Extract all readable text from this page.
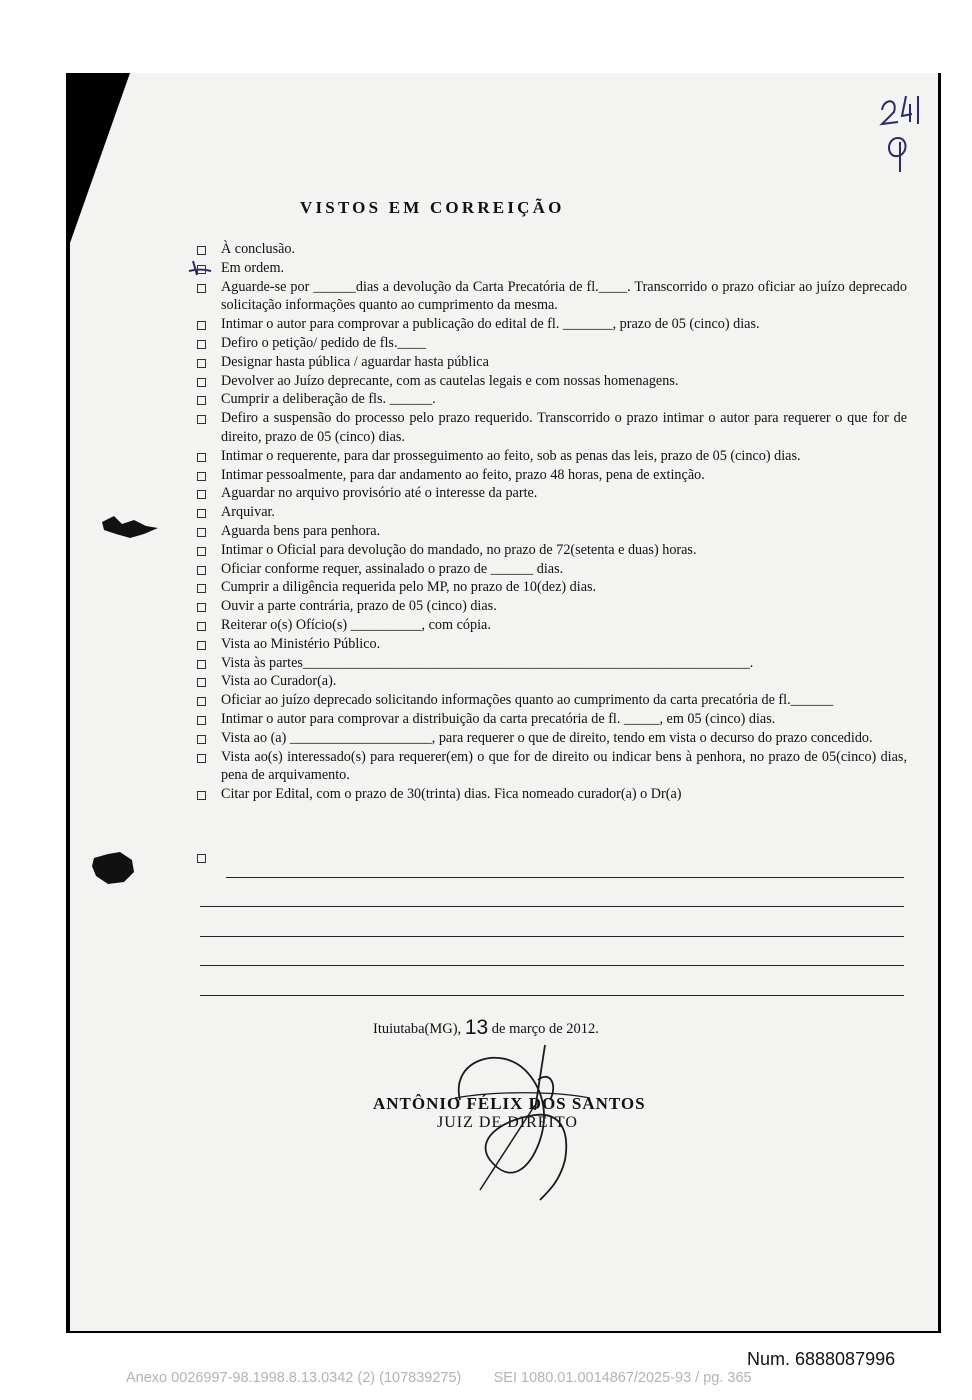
VISTOS EM CORREIÇÃO
À conclusão.
Em ordem.
Aguarde-se por ______dias a devolução da Carta Precatória de fl.____. Transcorrido o prazo oficiar ao juízo deprecado solicitação informações quanto ao cumprimento da mesma.
Intimar o autor para comprovar a publicação do edital de fl. _______, prazo de 05 (cinco) dias.
Defiro o petição/ pedido de fls.____
Designar hasta pública / aguardar hasta pública
Devolver ao Juízo deprecante, com as cautelas legais e com nossas homenagens.
Cumprir a deliberação de fls. ______.
Defiro a suspensão do processo pelo prazo requerido. Transcorrido o prazo intimar o autor para requerer o que for de direito, prazo de 05 (cinco) dias.
Intimar o requerente, para dar prosseguimento ao feito, sob as penas das leis, prazo de 05 (cinco) dias.
Intimar pessoalmente, para dar andamento ao feito, prazo 48 horas, pena de extinção.
Aguardar no arquivo provisório até o interesse da parte.
Arquivar.
Aguarda bens para penhora.
Intimar o Oficial para devolução do mandado, no prazo de 72(setenta e duas) horas.
Oficiar conforme requer, assinalado o prazo de ______ dias.
Cumprir a diligência requerida pelo MP, no prazo de 10(dez) dias.
Ouvir a parte contrária, prazo de 05 (cinco) dias.
Reiterar o(s) Ofício(s) __________, com cópia.
Vista ao Ministério Público.
Vista às partes_______________________________________________________________.
Vista ao Curador(a).
Oficiar ao juízo deprecado solicitando informações quanto ao cumprimento da carta precatória de fl.______
Intimar o autor para comprovar a distribuição da carta precatória de fl. _____, em 05 (cinco) dias.
Vista ao (a) ____________________, para requerer o que de direito, tendo em vista o decurso do prazo concedido.
Vista ao(s) interessado(s) para requerer(em) o que for de direito ou indicar bens à penhora, no prazo de 05(cinco) dias, pena de arquivamento.
Citar por Edital, com o prazo de 30(trinta) dias. Fica nomeado curador(a) o Dr(a)
Ituiutaba(MG), 13 de março de 2012.
ANTÔNIO FÉLIX DOS SANTOS
JUIZ DE DIREITO
Num. 6888087996
Anexo 0026997-98.1998.8.13.0342 (2) (107839275)        SEI 1080.01.0014867/2025-93 / pg. 365
